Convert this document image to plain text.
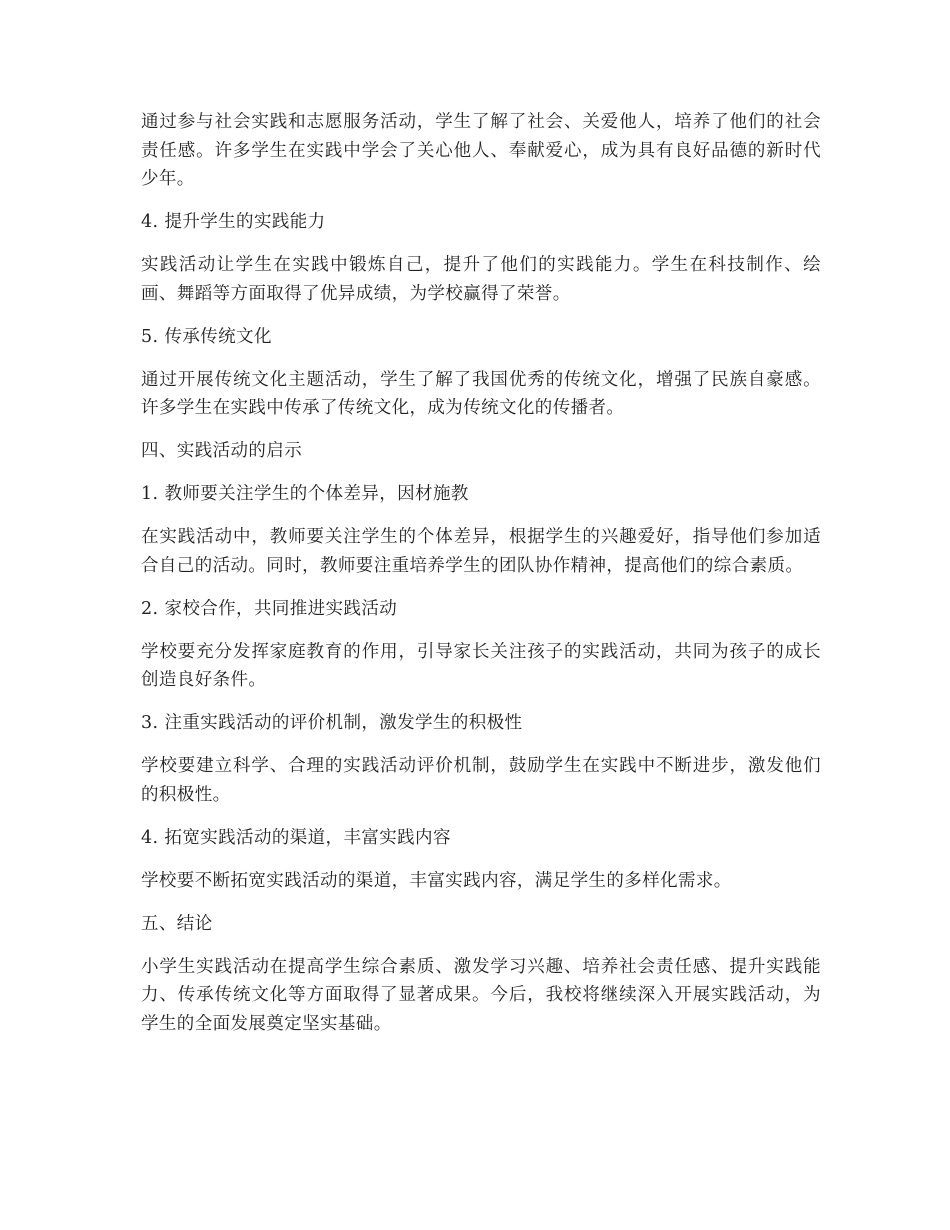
通过参与社会实践和志愿服务活动，学生了解了社会、关爱他人，培养了他们的社会责任感。许多学生在实践中学会了关心他人、奉献爱心，成为具有良好品德的新时代少年。

4. 提升学生的实践能力

实践活动让学生在实践中锻炼自己，提升了他们的实践能力。学生在科技制作、绘画、舞蹈等方面取得了优异成绩，为学校赢得了荣誉。

5. 传承传统文化

通过开展传统文化主题活动，学生了解了我国优秀的传统文化，增强了民族自豪感。许多学生在实践中传承了传统文化，成为传统文化的传播者。

四、实践活动的启示

1. 教师要关注学生的个体差异，因材施教

在实践活动中，教师要关注学生的个体差异，根据学生的兴趣爱好，指导他们参加适合自己的活动。同时，教师要注重培养学生的团队协作精神，提高他们的综合素质。

2. 家校合作，共同推进实践活动

学校要充分发挥家庭教育的作用，引导家长关注孩子的实践活动，共同为孩子的成长创造良好条件。

3. 注重实践活动的评价机制，激发学生的积极性

学校要建立科学、合理的实践活动评价机制，鼓励学生在实践中不断进步，激发他们的积极性。

4. 拓宽实践活动的渠道，丰富实践内容

学校要不断拓宽实践活动的渠道，丰富实践内容，满足学生的多样化需求。

五、结论

小学生实践活动在提高学生综合素质、激发学习兴趣、培养社会责任感、提升实践能力、传承传统文化等方面取得了显著成果。今后，我校将继续深入开展实践活动，为学生的全面发展奠定坚实基础。
